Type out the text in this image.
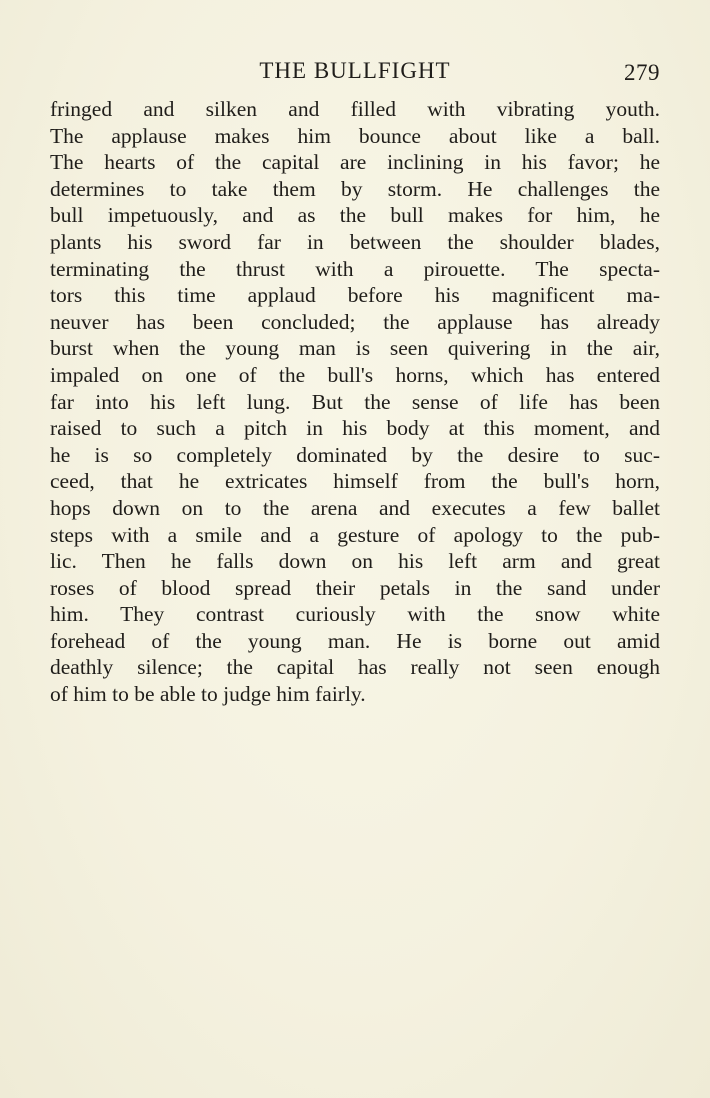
THE BULLFIGHT	279
fringed and silken and filled with vibrating youth.
The applause makes him bounce about like a ball.
The hearts of the capital are inclining in his favor; he
determines to take them by storm. He challenges the
bull impetuously, and as the bull makes for him, he
plants his sword far in between the shoulder blades,
terminating the thrust with a pirouette. The specta-
tors this time applaud before his magnificent ma-
neuver has been concluded; the applause has already
burst when the young man is seen quivering in the air,
impaled on one of the bull's horns, which has entered
far into his left lung. But the sense of life has been
raised to such a pitch in his body at this moment, and
he is so completely dominated by the desire to suc-
ceed, that he extricates himself from the bull's horn,
hops down on to the arena and executes a few ballet
steps with a smile and a gesture of apology to the pub-
lic. Then he falls down on his left arm and great
roses of blood spread their petals in the sand under
him. They contrast curiously with the snow white
forehead of the young man. He is borne out amid
deathly silence; the capital has really not seen enough
of him to be able to judge him fairly.
